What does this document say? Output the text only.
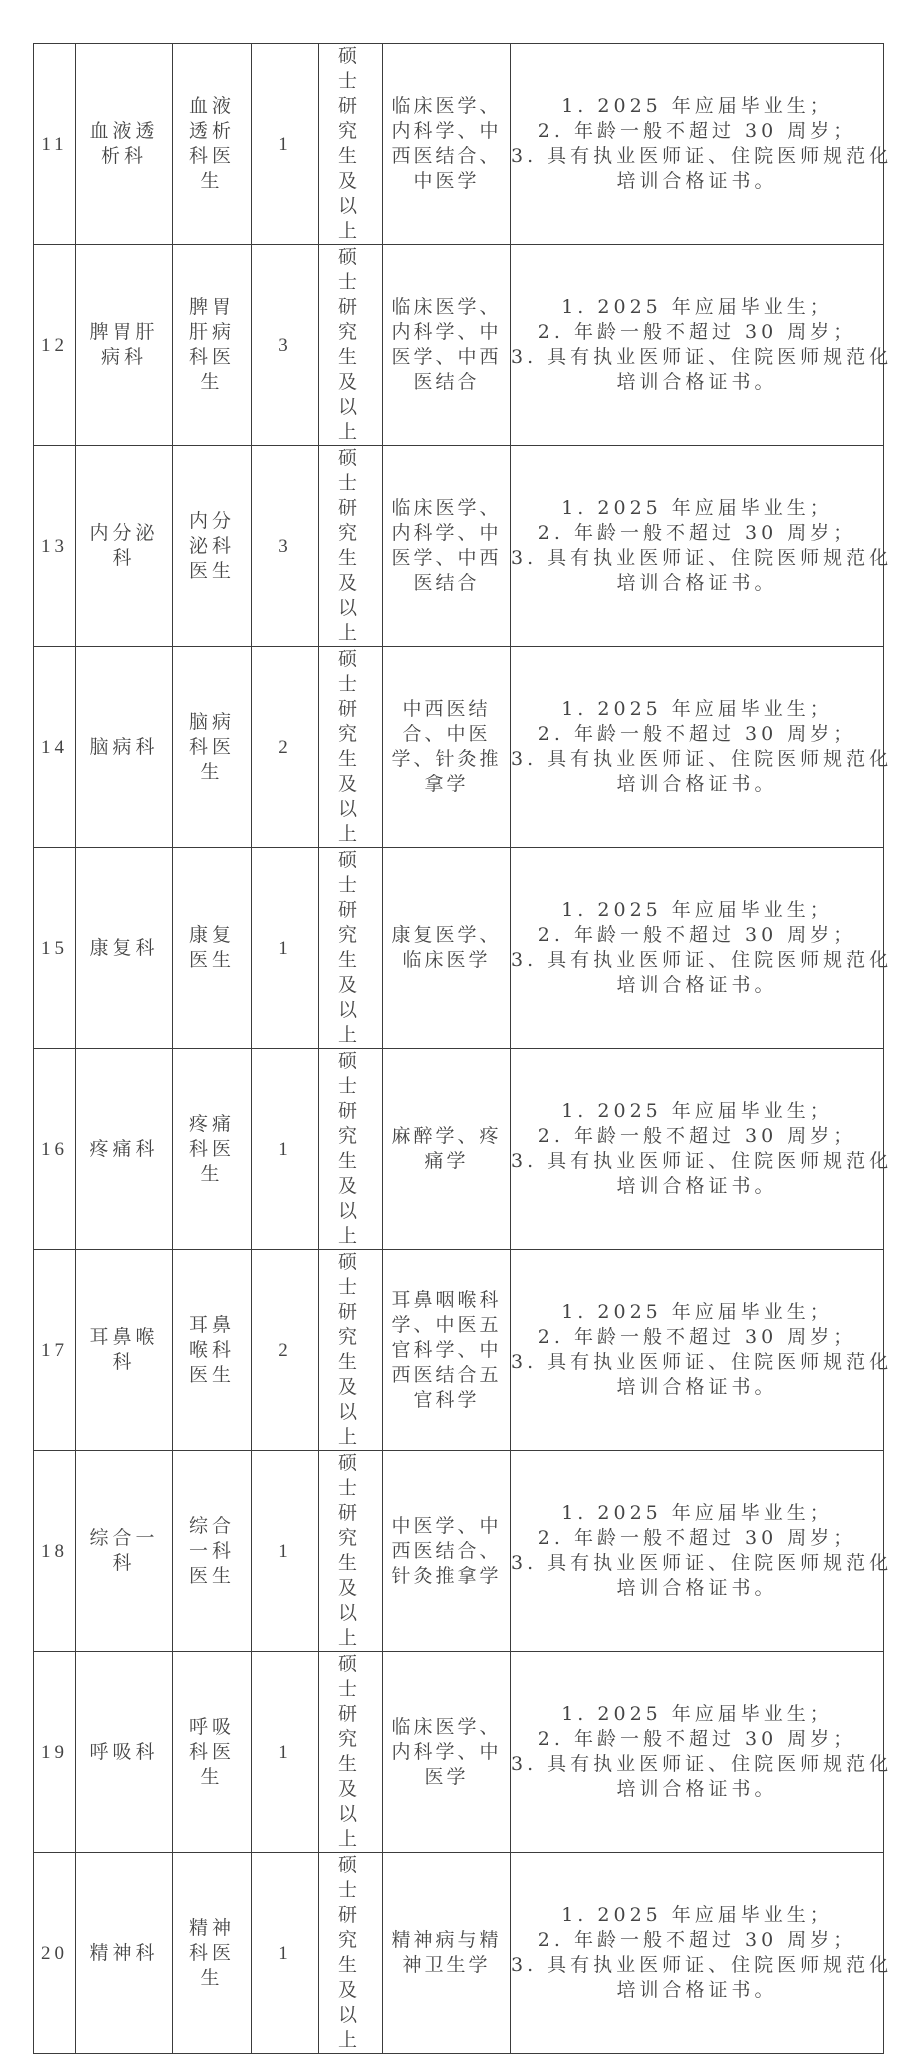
11	血液透析科	血液透析科医生	1	硕士研究生及以上	临床医学、内科学、中西医结合、中医学	1. 2025 年应届毕业生；
2. 年龄一般不超过 30 周岁；
3. 具有执业医师证、住院医师规范化
培训合格证书。

12	脾胃肝病科	脾胃肝病科医生	3	硕士研究生及以上	临床医学、内科学、中医学、中西医结合	1. 2025 年应届毕业生；
2. 年龄一般不超过 30 周岁；
3. 具有执业医师证、住院医师规范化
培训合格证书。

13	内分泌科	内分泌科医生	3	硕士研究生及以上	临床医学、内科学、中医学、中西医结合	1. 2025 年应届毕业生；
2. 年龄一般不超过 30 周岁；
3. 具有执业医师证、住院医师规范化
培训合格证书。

14	脑病科	脑病科医生	2	硕士研究生及以上	中西医结合、中医学、针灸推拿学	1. 2025 年应届毕业生；
2. 年龄一般不超过 30 周岁；
3. 具有执业医师证、住院医师规范化
培训合格证书。

15	康复科	康复医生	1	硕士研究生及以上	康复医学、临床医学	1. 2025 年应届毕业生；
2. 年龄一般不超过 30 周岁；
3. 具有执业医师证、住院医师规范化
培训合格证书。

16	疼痛科	疼痛科医生	1	硕士研究生及以上	麻醉学、疼痛学	1. 2025 年应届毕业生；
2. 年龄一般不超过 30 周岁；
3. 具有执业医师证、住院医师规范化
培训合格证书。

17	耳鼻喉科	耳鼻喉科医生	2	硕士研究生及以上	耳鼻咽喉科学、中医五官科学、中西医结合五官科学	1. 2025 年应届毕业生；
2. 年龄一般不超过 30 周岁；
3. 具有执业医师证、住院医师规范化
培训合格证书。

18	综合一科	综合一科医生	1	硕士研究生及以上	中医学、中西医结合、针灸推拿学	1. 2025 年应届毕业生；
2. 年龄一般不超过 30 周岁；
3. 具有执业医师证、住院医师规范化
培训合格证书。

19	呼吸科	呼吸科医生	1	硕士研究生及以上	临床医学、内科学、中医学	1. 2025 年应届毕业生；
2. 年龄一般不超过 30 周岁；
3. 具有执业医师证、住院医师规范化
培训合格证书。

20	精神科	精神科医生	1	硕士研究生及以上	精神病与精神卫生学	1. 2025 年应届毕业生；
2. 年龄一般不超过 30 周岁；
3. 具有执业医师证、住院医师规范化
培训合格证书。
